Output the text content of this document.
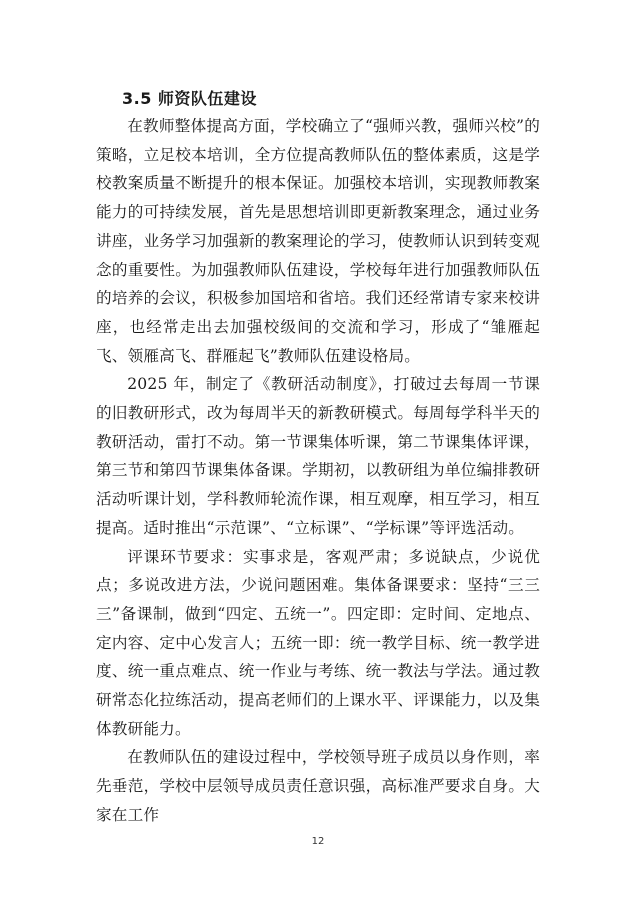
3.5 师资队伍建设

在教师整体提高方面，学校确立了“强师兴教，强师兴校”的策略，立足校本培训，全方位提高教师队伍的整体素质，这是学校教案质量不断提升的根本保证。加强校本培训，实现教师教案能力的可持续发展，首先是思想培训即更新教案理念，通过业务讲座，业务学习加强新的教案理论的学习，使教师认识到转变观念的重要性。为加强教师队伍建设，学校每年进行加强教师队伍的培养的会议，积极参加国培和省培。我们还经常请专家来校讲座，也经常走出去加强校级间的交流和学习，形成了“雏雁起飞、领雁高飞、群雁起飞”教师队伍建设格局。

2025 年，制定了《教研活动制度》，打破过去每周一节课的旧教研形式，改为每周半天的新教研模式。每周每学科半天的教研活动，雷打不动。第一节课集体听课，第二节课集体评课，第三节和第四节课集体备课。学期初，以教研组为单位编排教研活动听课计划，学科教师轮流作课，相互观摩，相互学习，相互提高。适时推出“示范课”、“立标课”、“学标课”等评选活动。

评课环节要求：实事求是，客观严肃；多说缺点，少说优点；多说改进方法，少说问题困难。集体备课要求：坚持“三三三”备课制，做到“四定、五统一”。四定即：定时间、定地点、定内容、定中心发言人；五统一即：统一教学目标、统一教学进度、统一重点难点、统一作业与考练、统一教法与学法。通过教研常态化拉练活动，提高老师们的上课水平、评课能力，以及集体教研能力。

在教师队伍的建设过程中，学校领导班子成员以身作则，率先垂范，学校中层领导成员责任意识强，高标准严要求自身。大家在工作

12
